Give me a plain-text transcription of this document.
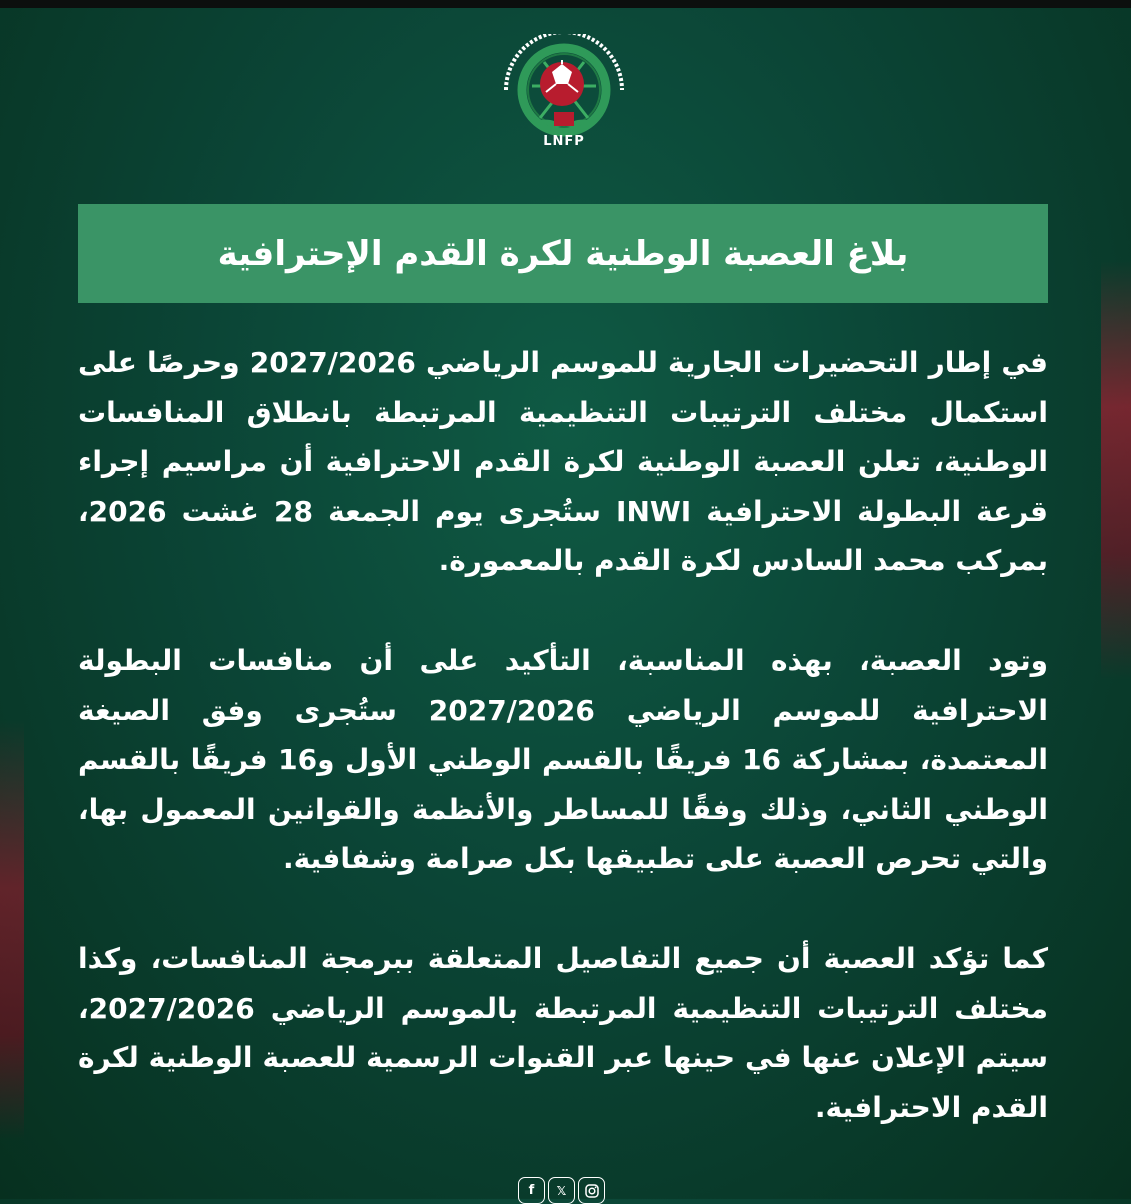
LNFP
بلاغ العصبة الوطنية لكرة القدم الإحترافية

في إطار التحضيرات الجارية للموسم الرياضي 2027/2026 وحرصًا على استكمال مختلف الترتيبات التنظيمية المرتبطة بانطلاق المنافسات الوطنية، تعلن العصبة الوطنية لكرة القدم الاحترافية أن مراسيم إجراء قرعة البطولة الاحترافية INWI ستُجرى يوم الجمعة 28 غشت 2026، بمركب محمد السادس لكرة القدم بالمعمورة.

وتود العصبة، بهذه المناسبة، التأكيد على أن منافسات البطولة الاحترافية للموسم الرياضي 2027/2026 ستُجرى وفق الصيغة المعتمدة، بمشاركة 16 فريقًا بالقسم الوطني الأول و16 فريقًا بالقسم الوطني الثاني، وذلك وفقًا للمساطر والأنظمة والقوانين المعمول بها، والتي تحرص العصبة على تطبيقها بكل صرامة وشفافية.

كما تؤكد العصبة أن جميع التفاصيل المتعلقة ببرمجة المنافسات، وكذا مختلف الترتيبات التنظيمية المرتبطة بالموسم الرياضي 2027/2026، سيتم الإعلان عنها في حينها عبر القنوات الرسمية للعصبة الوطنية لكرة القدم الاحترافية.

f 𝕏
